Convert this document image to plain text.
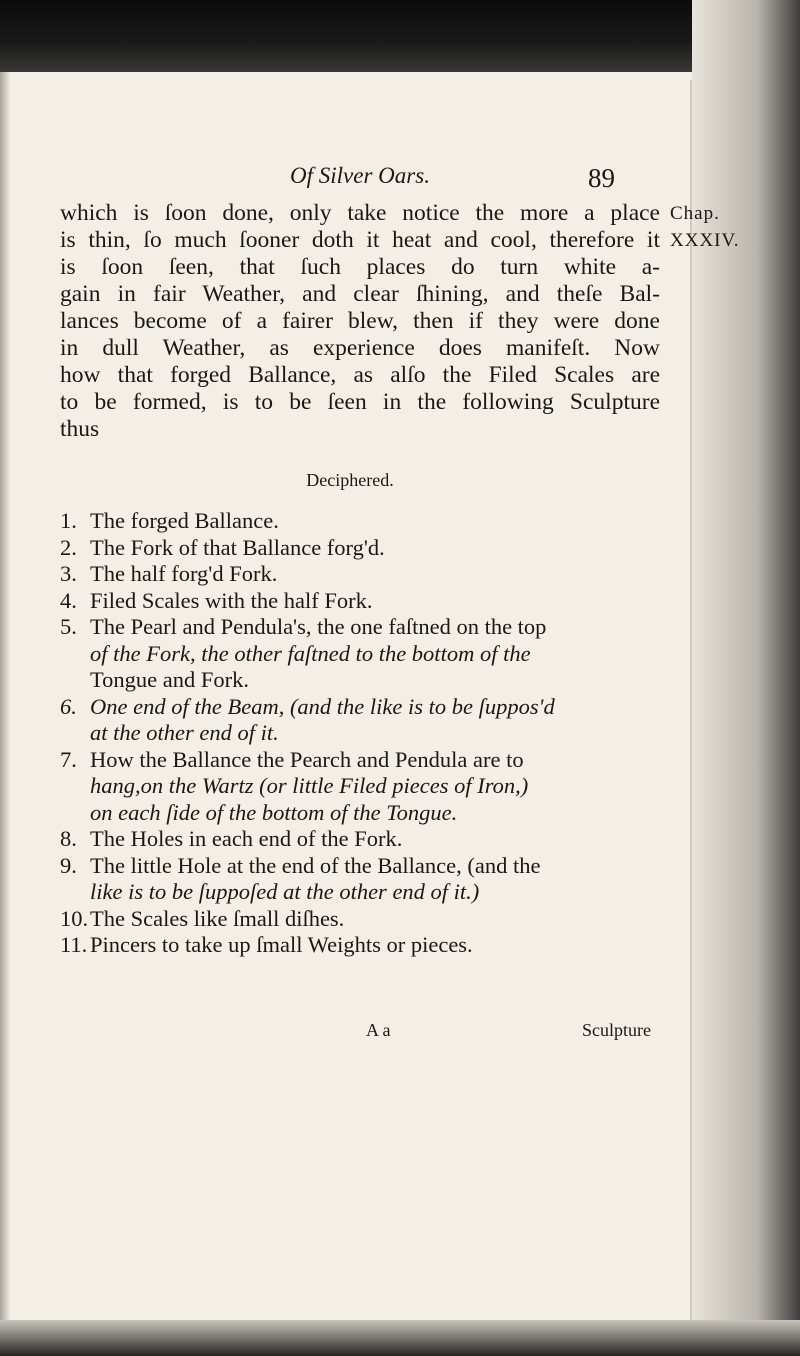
Of Silver Oars.	89
Chap.
XXXIV.
which is ſoon done, only take notice the more a place
is thin, ſo much ſooner doth it heat and cool, therefore it
is ſoon ſeen, that ſuch places do turn white a-
gain in fair Weather, and clear ſhining, and theſe Bal-
lances become of a fairer blew, then if they were done
in dull Weather, as experience does manifeſt. Now
how that forged Ballance, as alſo the Filed Scales are
to be formed, is to be ſeen in the following Sculpture
thus
Deciphered.
1. The forged Ballance.
2. The Fork of that Ballance forg'd.
3. The half forg'd Fork.
4. Filed Scales with the half Fork.
5. The Pearl and Pendula's, the one faſtned on the top
of the Fork, the other faſtned to the bottom of the
Tongue and Fork.
6. One end of the Beam, (and the like is to be ſuppos'd
at the other end of it.
7. How the Ballance the Pearch and Pendula are to
hang,on the Wartz (or little Filed pieces of Iron,)
on each ſide of the bottom of the Tongue.
8. The Holes in each end of the Fork.
9. The little Hole at the end of the Ballance, (and the
like is to be ſuppoſed at the other end of it.)
10. The Scales like ſmall diſhes.
11. Pincers to take up ſmall Weights or pieces.
A a	Sculpture
